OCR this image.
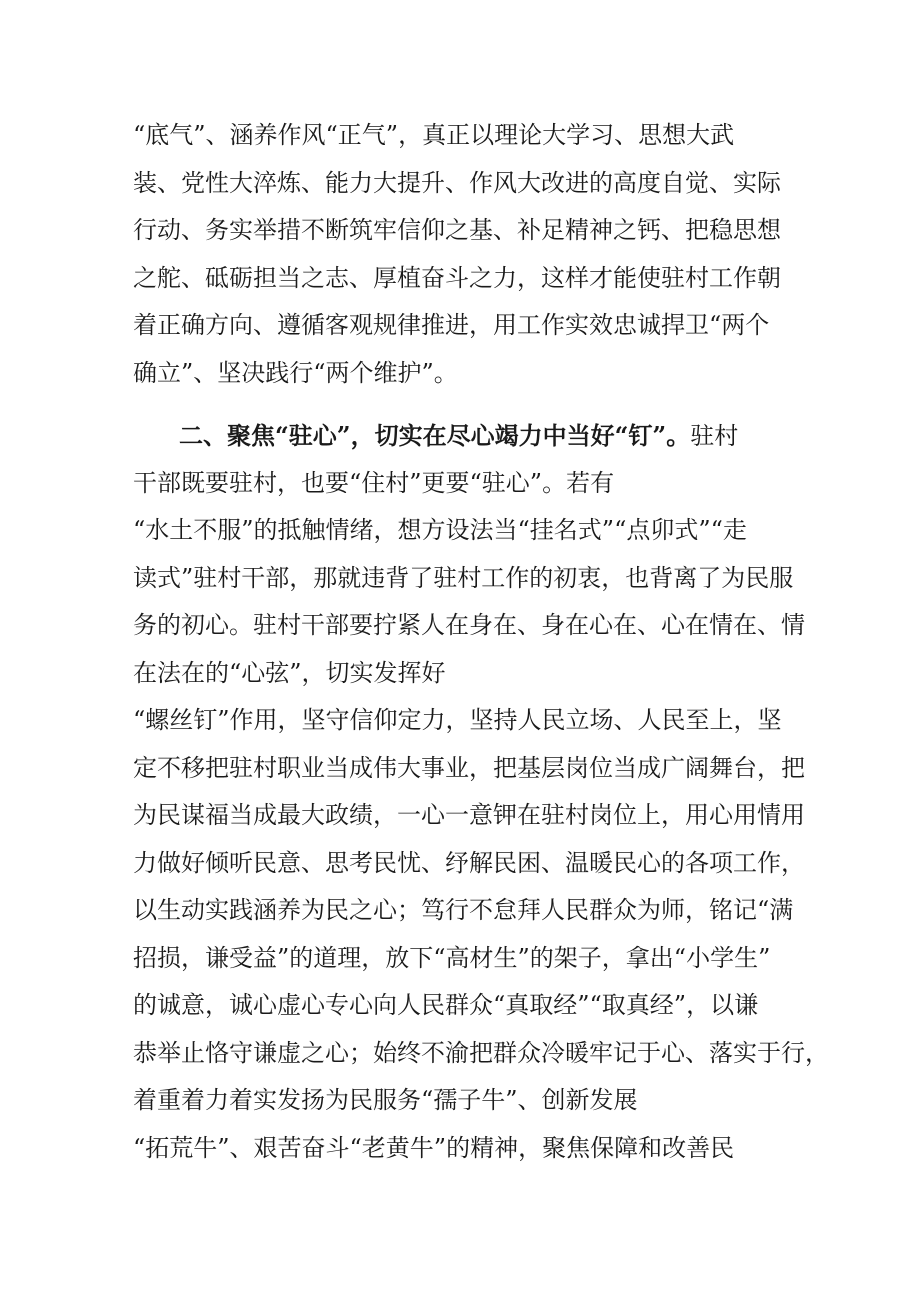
“底气”、涵养作风“正气”，真正以理论大学习、思想大武
装、党性大淬炼、能力大提升、作风大改进的高度自觉、实际
行动、务实举措不断筑牢信仰之基、补足精神之钙、把稳思想
之舵、砥砺担当之志、厚植奋斗之力，这样才能使驻村工作朝
着正确方向、遵循客观规律推进，用工作实效忠诚捍卫“两个
确立”、坚决践行“两个维护”。
二、聚焦“驻心”，切实在尽心竭力中当好“钉”。驻村
干部既要驻村，也要“住村”更要“驻心”。若有
“水土不服”的抵触情绪，想方设法当“挂名式”“点卯式”“走
读式”驻村干部，那就违背了驻村工作的初衷，也背离了为民服
务的初心。驻村干部要拧紧人在身在、身在心在、心在情在、情
在法在的“心弦”，切实发挥好
“螺丝钉”作用，坚守信仰定力，坚持人民立场、人民至上，坚
定不移把驻村职业当成伟大事业，把基层岗位当成广阔舞台，把
为民谋福当成最大政绩，一心一意钾在驻村岗位上，用心用情用
力做好倾听民意、思考民忧、纾解民困、温暖民心的各项工作，
以生动实践涵养为民之心；笃行不怠拜人民群众为师，铭记“满
招损，谦受益”的道理，放下“高材生”的架子，拿出“小学生”
的诚意，诚心虚心专心向人民群众“真取经”“取真经”，以谦
恭举止恪守谦虚之心；始终不渝把群众冷暖牢记于心、落实于行，
着重着力着实发扬为民服务“孺子牛”、创新发展
“拓荒牛”、艰苦奋斗“老黄牛”的精神，聚焦保障和改善民
